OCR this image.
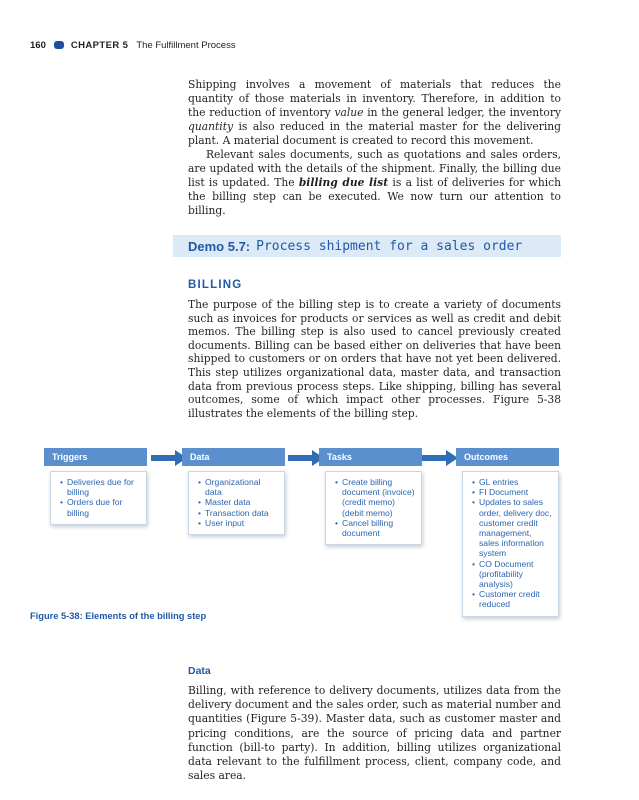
160	CHAPTER 5 The Fulfillment Process

Shipping involves a movement of materials that reduces the quantity of those materials in inventory. Therefore, in addition to the reduction of inventory value in the general ledger, the inventory quantity is also reduced in the material master for the delivering plant. A material document is created to record this movement.

Relevant sales documents, such as quotations and sales orders, are updated with the details of the shipment. Finally, the billing due list is updated. The billing due list is a list of deliveries for which the billing step can be executed. We now turn our attention to billing.

Demo 5.7: Process shipment for a sales order
BILLING

The purpose of the billing step is to create a variety of documents such as invoices for products or services as well as credit and debit memos. The billing step is also used to cancel previously created documents. Billing can be based either on deliveries that have been shipped to customers or on orders that have not yet been delivered. This step utilizes organizational data, master data, and transaction data from previous process steps. Like shipping, billing has several outcomes, some of which impact other processes. Figure 5-38 illustrates the elements of the billing step.

Triggers
• Deliveries due for billing
• Orders due for billing
Data
• Organizational data
• Master data
• Transaction data
• User input
Tasks
• Create billing document (invoice) (credit memo) (debit memo)
• Cancel billing document
Outcomes
• GL entries
• FI Document
• Updates to sales order, delivery doc, customer credit management, sales information system
• CO Document (profitability analysis)
• Customer credit reduced

Figure 5-38: Elements of the billing step

Data

Billing, with reference to delivery documents, utilizes data from the delivery document and the sales order, such as material number and quantities (Figure 5-39). Master data, such as customer master and pricing conditions, are the source of pricing data and partner function (bill-to party). In addition, billing utilizes organizational data relevant to the fulfillment process, client, company code, and sales area.
